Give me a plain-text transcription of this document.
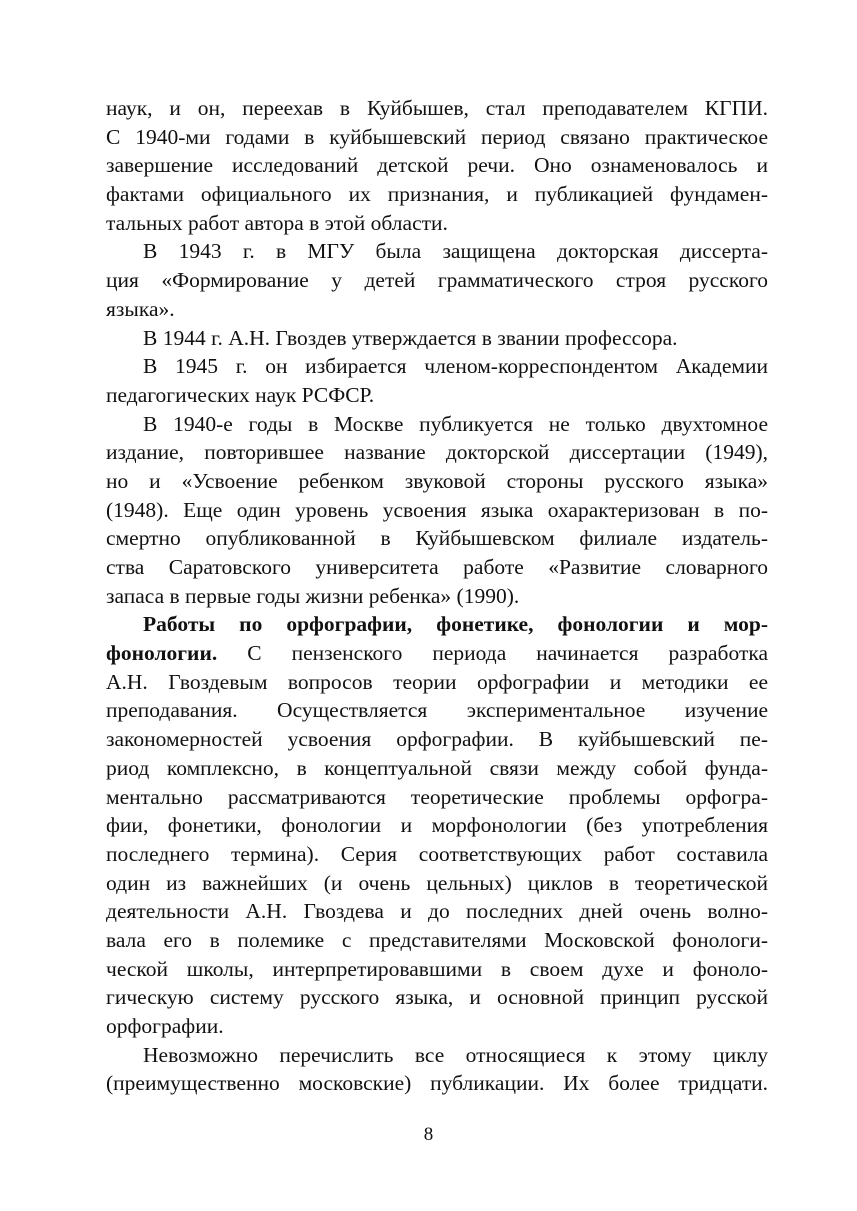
наук, и он, переехав в Куйбышев, стал преподавателем КГПИ.
С 1940-ми годами в куйбышевский период связано практическое
завершение исследований детской речи. Оно ознаменовалось и
фактами официального их признания, и публикацией фундамен-
тальных работ автора в этой области.
В 1943 г. в МГУ была защищена докторская диссерта-
ция «Формирование у детей грамматического строя русского
языка».
В 1944 г. А.Н. Гвоздев утверждается в звании профессора.
В 1945 г. он избирается членом-корреспондентом Академии
педагогических наук РСФСР.
В 1940-е годы в Москве публикуется не только двухтомное
издание, повторившее название докторской диссертации (1949),
но и «Усвоение ребенком звуковой стороны русского языка»
(1948). Еще один уровень усвоения языка охарактеризован в по-
смертно опубликованной в Куйбышевском филиале издатель-
ства Саратовского университета работе «Развитие словарного
запаса в первые годы жизни ребенка» (1990).
Работы по орфографии, фонетике, фонологии и мор-
фонологии. С пензенского периода начинается разработка
А.Н. Гвоздевым вопросов теории орфографии и методики ее
преподавания. Осуществляется экспериментальное изучение
закономерностей усвоения орфографии. В куйбышевский пе-
риод комплексно, в концептуальной связи между собой фунда-
ментально рассматриваются теоретические проблемы орфогра-
фии, фонетики, фонологии и морфонологии (без употребления
последнего термина). Серия соответствующих работ составила
один из важнейших (и очень цельных) циклов в теоретической
деятельности А.Н. Гвоздева и до последних дней очень волно-
вала его в полемике с представителями Московской фонологи-
ческой школы, интерпретировавшими в своем духе и фоноло-
гическую систему русского языка, и основной принцип русской
орфографии.
Невозможно перечислить все относящиеся к этому циклу
(преимущественно московские) публикации. Их более тридцати.
8
